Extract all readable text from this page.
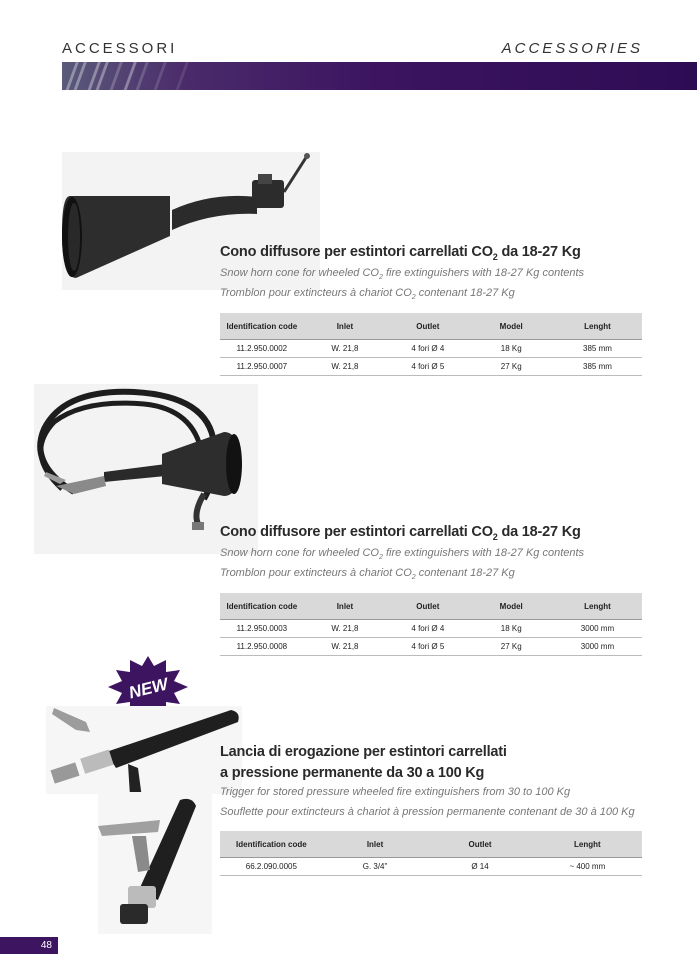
ACCESSORI	ACCESSORIES
Cono diffusore per estintori carrellati $CO_2$ da 18-27 Kg
Snow horn cone for wheeled $CO_2$ fire extinguishers with 18-27 Kg contents
Tromblon pour extincteurs à chariot $CO_2$ contenant 18-27 Kg
Identification code	Inlet	Outlet	Model	Lenght
11.2.950.0002	W. 21,8	4 fori Ø 4	18 Kg	385 mm
11.2.950.0007	W. 21,8	4 fori Ø 5	27 Kg	385 mm
Cono diffusore per estintori carrellati $CO_2$ da 18-27 Kg
Snow horn cone for wheeled $CO_2$ fire extinguishers with 18-27 Kg contents
Tromblon pour extincteurs à chariot $CO_2$ contenant 18-27 Kg
Identification code	Inlet	Outlet	Model	Lenght
11.2.950.0003	W. 21,8	4 fori Ø 4	18 Kg	3000 mm
11.2.950.0008	W. 21,8	4 fori Ø 5	27 Kg	3000 mm
NEW
Lancia di erogazione per estintori carrellati
a pressione permanente da 30 a 100 Kg
Trigger for stored pressure wheeled fire extinguishers from 30 to 100 Kg
Souflette pour extincteurs à chariot à pression permanente contenant de 30 à 100 Kg
Identification code	Inlet	Outlet	Lenght
66.2.090.0005	G. 3/4"	Ø 14	~ 400 mm
48
